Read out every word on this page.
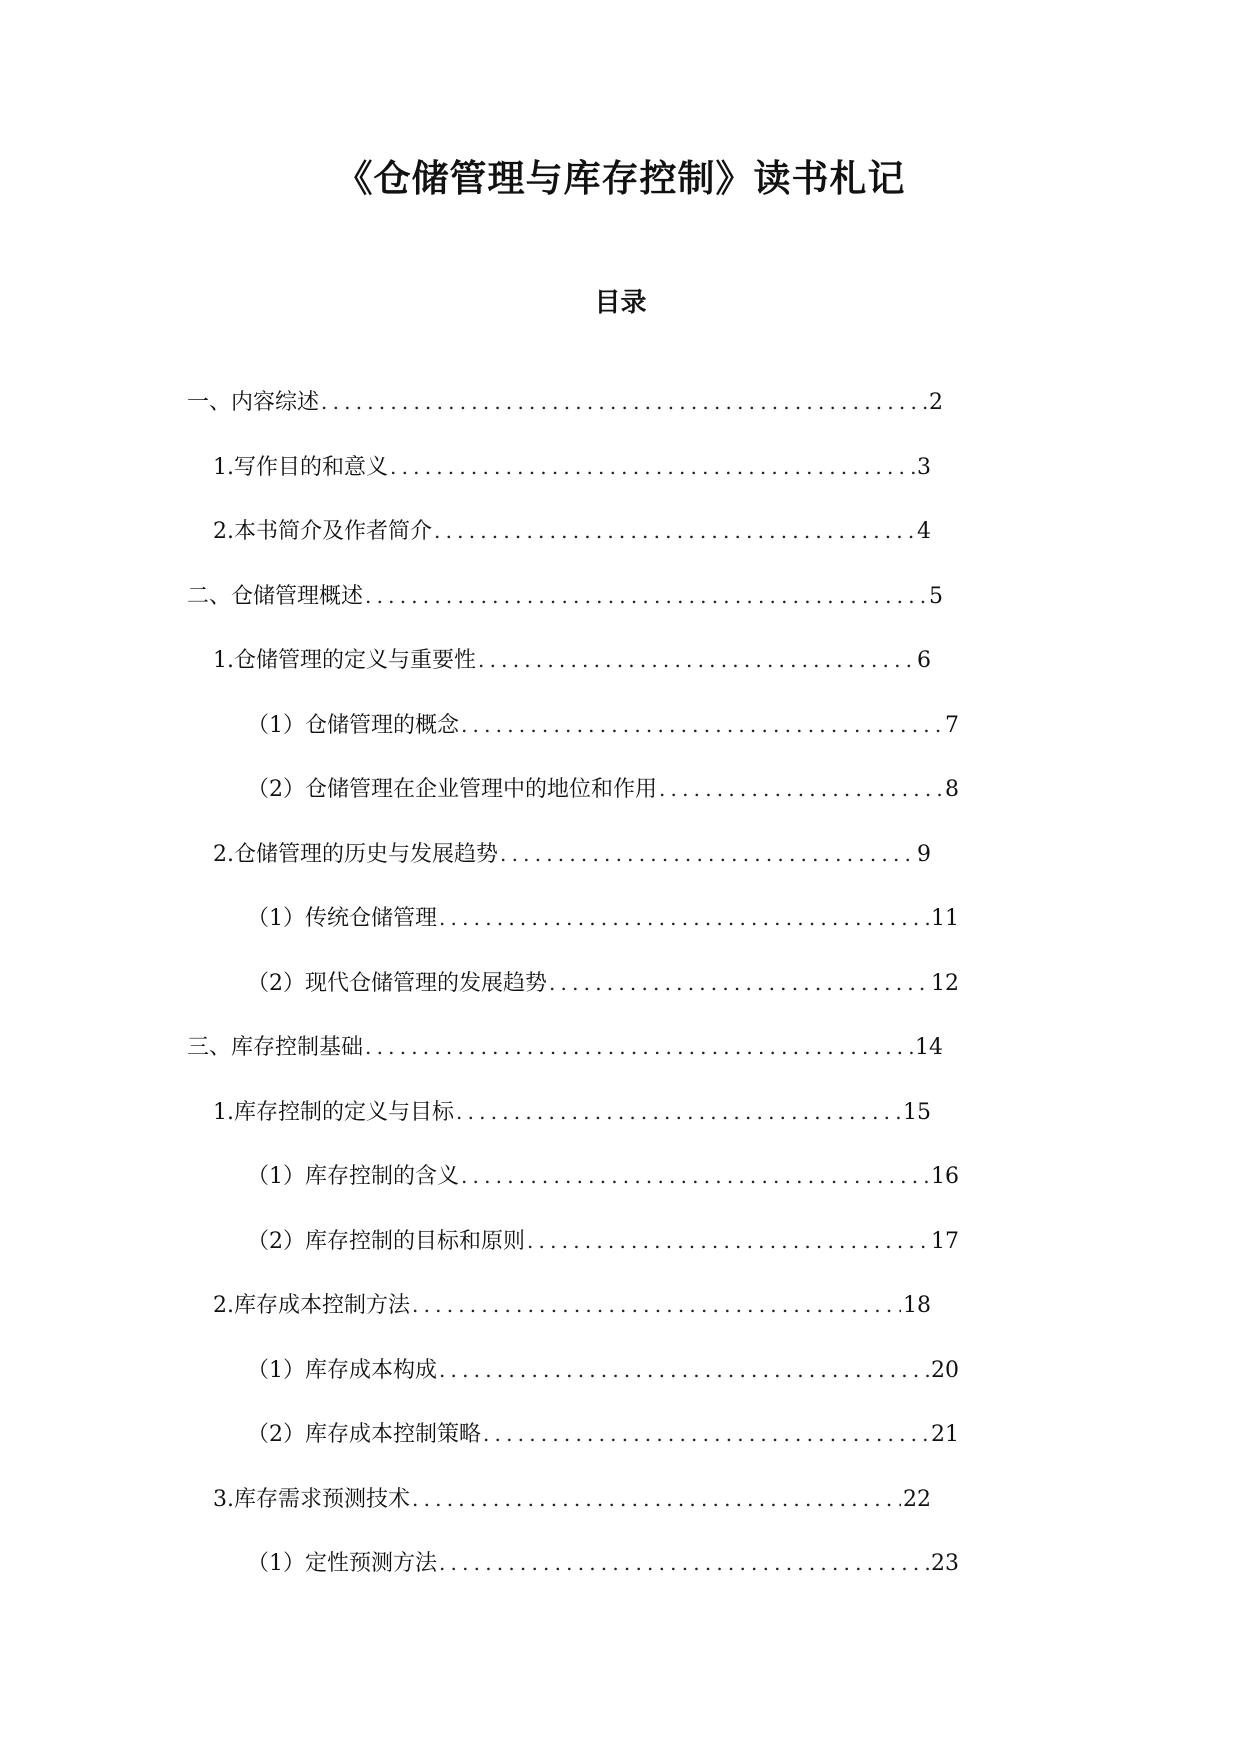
《仓储管理与库存控制》读书札记
目录
一、内容综述 .....	2
1. 写作目的和意义 .....	3
2. 本书简介及作者简介 .....	4
二、仓储管理概述 .....	5
1. 仓储管理的定义与重要性 .....	6
（1）仓储管理的概念 .....	7
（2）仓储管理在企业管理中的地位和作用 .....	8
2. 仓储管理的历史与发展趋势 .....	9
（1）传统仓储管理 .....	11
（2）现代仓储管理的发展趋势 .....	12
三、库存控制基础 .....	14
1. 库存控制的定义与目标 .....	15
（1）库存控制的含义 .....	16
（2）库存控制的目标和原则 .....	17
2. 库存成本控制方法 .....	18
（1）库存成本构成 .....	20
（2）库存成本控制策略 .....	21
3. 库存需求预测技术 .....	22
（1）定性预测方法 .....	23
